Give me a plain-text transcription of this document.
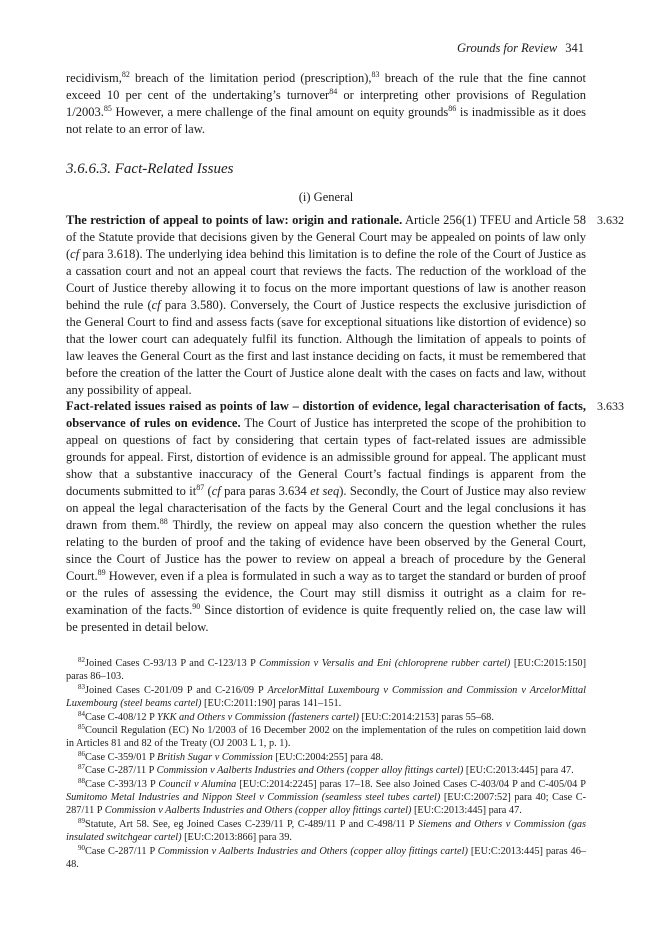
Grounds for Review 341

recidivism,$^{82}$ breach of the limitation period (prescription),$^{83}$ breach of the rule that the fine cannot exceed 10 per cent of the undertaking’s turnover$^{84}$ or interpreting other provisions of Regulation 1/2003.85 However, a mere challenge of the final amount on equity grounds$^{86}$ is inadmissible as it does not relate to an error of law.

3.6.6.3. Fact-Related Issues
(i) General
3.632

The restriction of appeal to points of law: origin and rationale. Article 256(1) TFEU and Article 58 of the Statute provide that decisions given by the General Court may be appealed on points of law only (cf para 3.618). The underlying idea behind this limitation is to define the role of the Court of Justice as a cassation court and not an appeal court that reviews the facts. The reduction of the workload of the Court of Justice thereby allowing it to focus on the more important questions of law is another reason behind the rule (cf para 3.580). Conversely, the Court of Justice respects the exclusive jurisdiction of the General Court to find and assess facts (save for exceptional situations like distortion of evidence) so that the lower court can adequately fulfil its function. Although the limitation of appeals to points of law leaves the General Court as the first and last instance deciding on facts, it must be remembered that before the creation of the latter the Court of Justice alone dealt with the cases on facts and law, without any possibility of appeal.

3.633

Fact-related issues raised as points of law – distortion of evidence, legal characterisation of facts, observance of rules on evidence. The Court of Justice has interpreted the scope of the prohibition to appeal on questions of fact by considering that certain types of fact-related issues are admissible grounds for appeal. First, distortion of evidence is an admissible ground for appeal. The applicant must show that a substantive inaccuracy of the General Court’s factual findings is apparent from the documents submitted to $it^{87}$ (cf para paras 3.634 et seq). Secondly, the Court of Justice may also review on appeal the legal characterisation of the facts by the General Court and the legal conclusions it has drawn from them.$^{88}$ Thirdly, the review on appeal may also concern the question whether the rules relating to the burden of proof and the taking of evidence have been observed by the General Court, since the Court of Justice has the power to review on appeal a breach of procedure by the General Court.$^{89}$ However, even if a plea is formulated in such a way as to target the standard or burden of proof or the rules of assessing the evidence, the Court may still dismiss it outright as a claim for re-examination of the facts.$^{90}$ Since distortion of evidence is quite frequently relied on, the case law will be presented in detail below.

$^{82}$Joined Cases C-93/13 P and C-123/13 P Commission v Versalis and Eni (chloroprene rubber cartel) [EU:C:2015:150] paras 86–103.

$^{83}$Joined Cases C-201/09 P and C-216/09 P ArcelorMittal Luxembourg v Commission and Commission v ArcelorMittal Luxembourg (steel beams cartel) [EU:C:2011:190] paras 141–151.

$^{84}$Case C-408/12 P YKK and Others v Commission (fasteners cartel) [EU:C:2014:2153] paras 55–68.

$^{85}$Council Regulation (EC) No 1/2003 of 16 December 2002 on the implementation of the rules on competition laid down in Articles 81 and 82 of the Treaty (OJ 2003 L 1, p. 1).

$^{86}$Case C-359/01 P British Sugar v Commission [EU:C:2004:255] para 48.

$^{87}$Case C-287/11 P Commission v Aalberts Industries and Others (copper alloy fittings cartel) [EU:C:2013:445] para 47.

$^{88}$Case C-393/13 P Council v Alumina [EU:C:2014:2245] paras 17–18. See also Joined Cases C-403/04 P and C-405/04 P Sumitomo Metal Industries and Nippon Steel v Commission (seamless steel tubes cartel) [EU:C:2007:52] para 40; Case C-287/11 P Commission v Aalberts Industries and Others (copper alloy fittings cartel) [EU:C:2013:445] para 47.

$^{89}$Statute, Art 58. See, eg Joined Cases C-239/11 P, C-489/11 P and C-498/11 P Siemens and Others v Commission (gas insulated switchgear cartel) [EU:C:2013:866] para 39.

$^{90}$Case C-287/11 P Commission v Aalberts Industries and Others (copper alloy fittings cartel) [EU:C:2013:445] paras 46–48.
